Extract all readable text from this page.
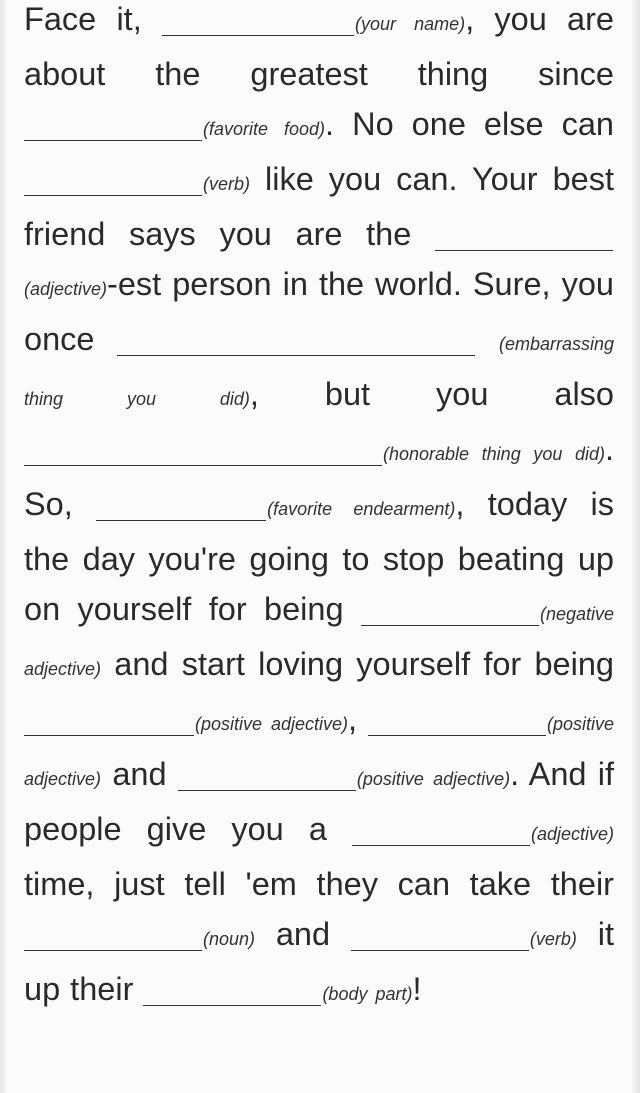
Face it,	(your name), you are about the greatest thing since (favorite food). No one else can (verb) like you can. Your best friend says you are the (adjective)-est person in the world. Sure, you once	(embarrassing thing you did), but you also (honorable thing you did). So,	(favorite endearment), today is the day you're going to stop beating up on yourself for being	(negative adjective) and start loving yourself for being (positive adjective),	(positive adjective) and	(positive adjective). And if people give you a	(adjective) time, just tell 'em they can take their (noun) and	(verb) it up their	(body part)!
